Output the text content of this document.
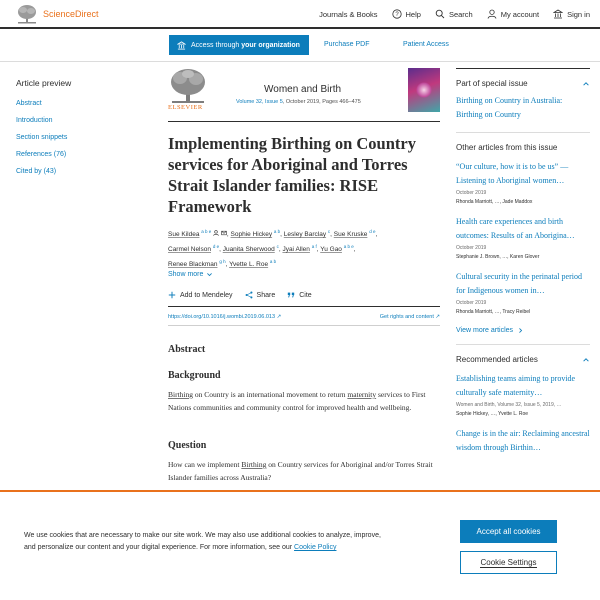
ScienceDirect	Journals & Books	? Help	Search	My account	Sign in
Access through your organization	Purchase PDF	Patient Access
Article preview
Abstract
Introduction
Section snippets
References (76)
Cited by (43)
ELSEVIER
Women and Birth
Volume 32, Issue 5, October 2019, Pages 466–475
Implementing Birthing on Country services for Aboriginal and Torres Strait Islander families: RISE Framework
Sue Kildea $^{a b e}$ , Sophie Hickey $^{a b}$, Lesley Barclay $^c$, Sue Kruske $^{d e}$,
Carmel Nelson $^{d e}$, Juanita Sherwood $^c$, Jyai Allen $^{a f}$, Yu Gao $^{a b e}$,
Renee Blackman $^{g h}$, Yvette L. Roe $^{a b}$
Show more
Add to Mendeley	Share	Cite
https://doi.org/10.1016/j.wombi.2019.06.013 ↗	Get rights and content ↗
Abstract
Background

Birthing on Country is an international movement to return maternity services to First Nations communities and community control for improved health and wellbeing.

Question

How can we implement Birthing on Country services for Aboriginal and/or Torres Strait Islander families across Australia?

Part of special issue
Birthing on Country in Australia: Birthing on Country
Other articles from this issue
“Our culture, how it is to be us” — Listening to Aboriginal women…
October 2019
Rhonda Marriott, …, Jade Maddox
Health care experiences and birth outcomes: Results of an Aborigina…
October 2019
Stephanie J. Brown, …, Karen Glover
Cultural security in the perinatal period for Indigenous women in…
October 2019
Rhonda Marriott, …, Tracy Reibel
View more articles
Recommended articles
Establishing teams aiming to provide culturally safe maternity…
Women and Birth, Volume 32, Issue 5, 2019, …
Sophie Hickey, …, Yvette L. Roe
Change is in the air: Reclaiming ancestral wisdom through Birthin…

We use cookies that are necessary to make our site work. We may also use additional cookies to analyze, improve, and personalize our content and your digital experience. For more information, see our Cookie Policy

Accept all cookies
Cookie Settings
